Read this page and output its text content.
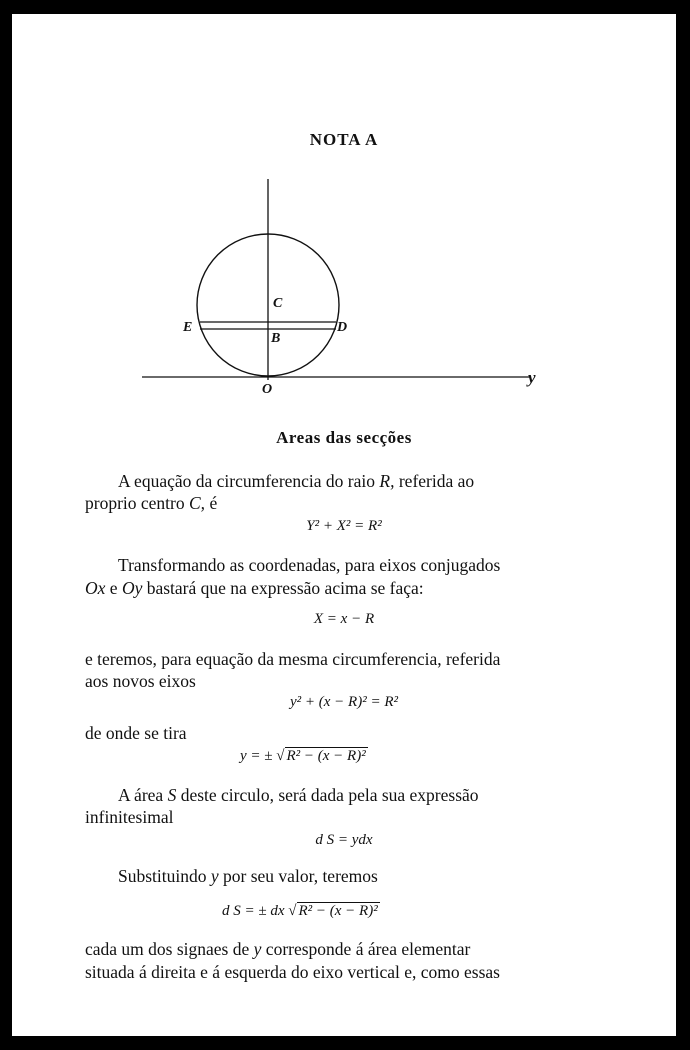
NOTA A
C
B
E	D
O
y
Areas das secções
A equação da circumferencia do raio R, referida ao
proprio centro C, é
Y² + X² = R²
Transformando as coordenadas, para eixos conjugados
Ox e Oy bastará que na expressão acima se faça:
X = x − R
e teremos, para equação da mesma circumferencia, referida
aos novos eixos
y² + (x − R)² = R²
de onde se tira
y = ± √ R² − (x − R)²
A área S deste circulo, será dada pela sua expressão
infinitesimal
d S = ydx
Substituindo y por seu valor, teremos
d S = ± dx √ R² − (x − R)²
cada um dos signaes de y corresponde á área elementar
situada á direita e á esquerda do eixo vertical e, como essas
